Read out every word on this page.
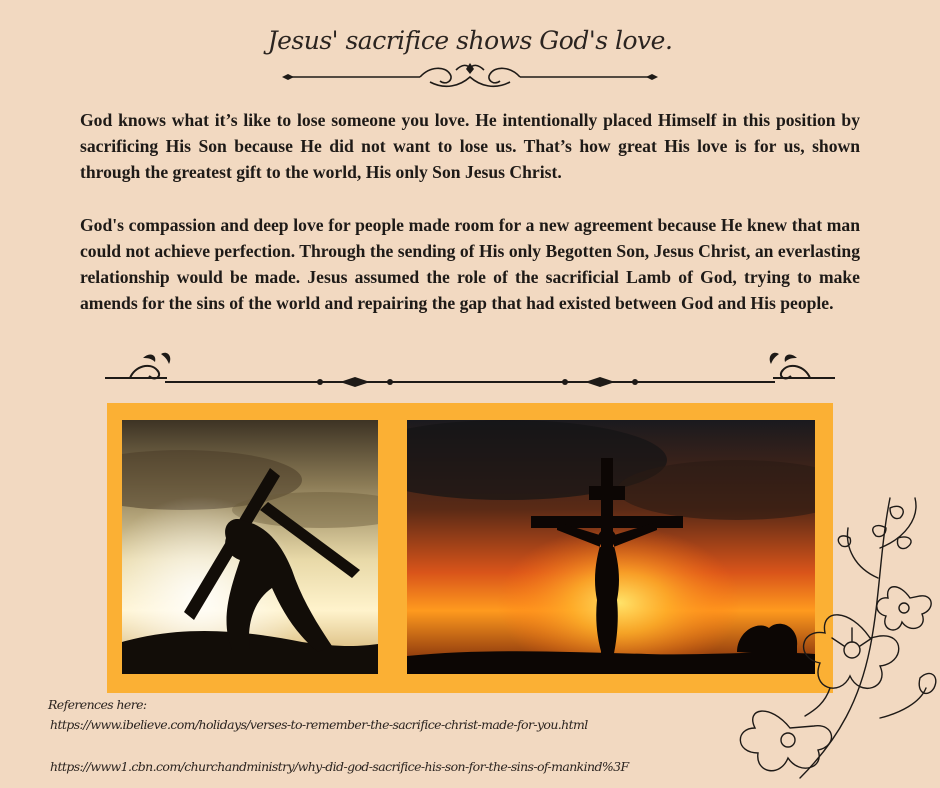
Jesus' sacrifice shows God's love.

God knows what it’s like to lose someone you love. He intentionally placed Himself in this position by sacrificing His Son because He did not want to lose us. That’s how great His love is for us, shown through the greatest gift to the world, His only Son Jesus Christ.

God's compassion and deep love for people made room for a new agreement because He knew that man could not achieve perfection. Through the sending of His only Begotten Son, Jesus Christ, an everlasting relationship would be made. Jesus assumed the role of the sacrificial Lamb of God, trying to make amends for the sins of the world and repairing the gap that had existed between God and His people.

References here:
https://www.ibelieve.com/holidays/verses-to-remember-the-sacrifice-christ-made-for-you.html
https://www1.cbn.com/churchandministry/why-did-god-sacrifice-his-son-for-the-sins-of-mankind%3F
